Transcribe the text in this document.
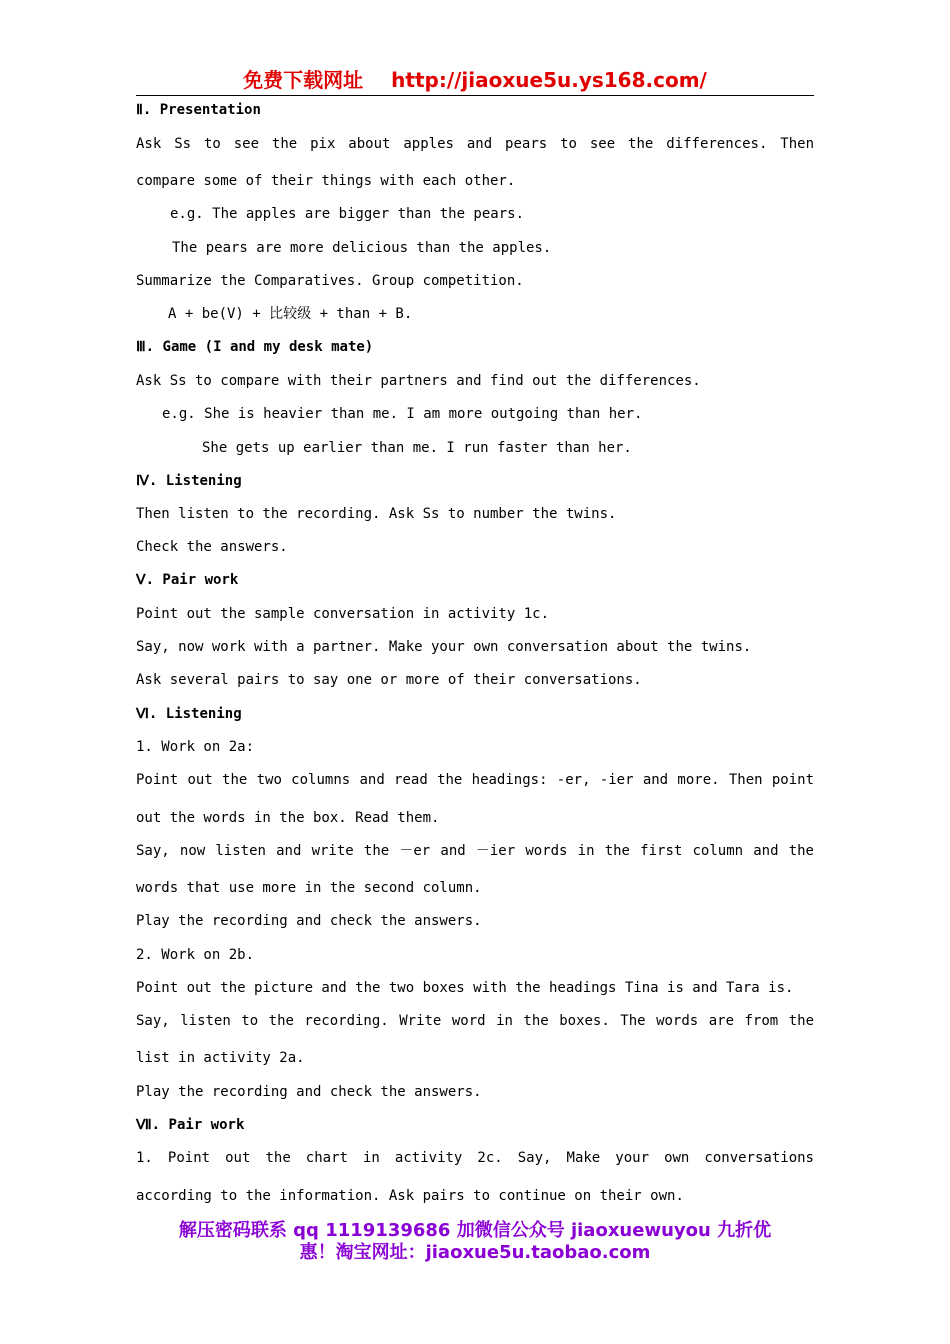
免费下载网址 http://jiaoxue5u.ys168.com/
Ⅱ. Presentation
Ask Ss to see the pix about apples and pears to see the differences. Then
compare some of their things with each other.
e.g. The apples are bigger than the pears.
The pears are more delicious than the apples.
Summarize the Comparatives. Group competition.
A + be(V) + 比较级 + than + B.
Ⅲ. Game (I and my desk mate)
Ask Ss to compare with their partners and find out the differences.
e.g. She is heavier than me. I am more outgoing than her.
She gets up earlier than me. I run faster than her.
Ⅳ. Listening
Then listen to the recording. Ask Ss to number the twins.
Check the answers.
Ⅴ. Pair work
Point out the sample conversation in activity 1c.
Say, now work with a partner. Make your own conversation about the twins.
Ask several pairs to say one or more of their conversations.
Ⅵ. Listening
1. Work on 2a:
Point out the two columns and read the headings: -er, -ier and more. Then point
out the words in the box. Read them.
Say, now listen and write the －er and －ier words in the first column and the
words that use more in the second column.
Play the recording and check the answers.
2. Work on 2b.
Point out the picture and the two boxes with the headings Tina is and Tara is.
Say, listen to the recording. Write word in the boxes. The words are from the
list in activity 2a.
Play the recording and check the answers.
Ⅶ. Pair work
1. Point out the chart in activity 2c. Say, Make your own conversations
according to the information. Ask pairs to continue on their own.
解压密码联系 qq 1119139686 加微信公众号 jiaoxuewuyou 九折优
惠！淘宝网址：jiaoxue5u.taobao.com
